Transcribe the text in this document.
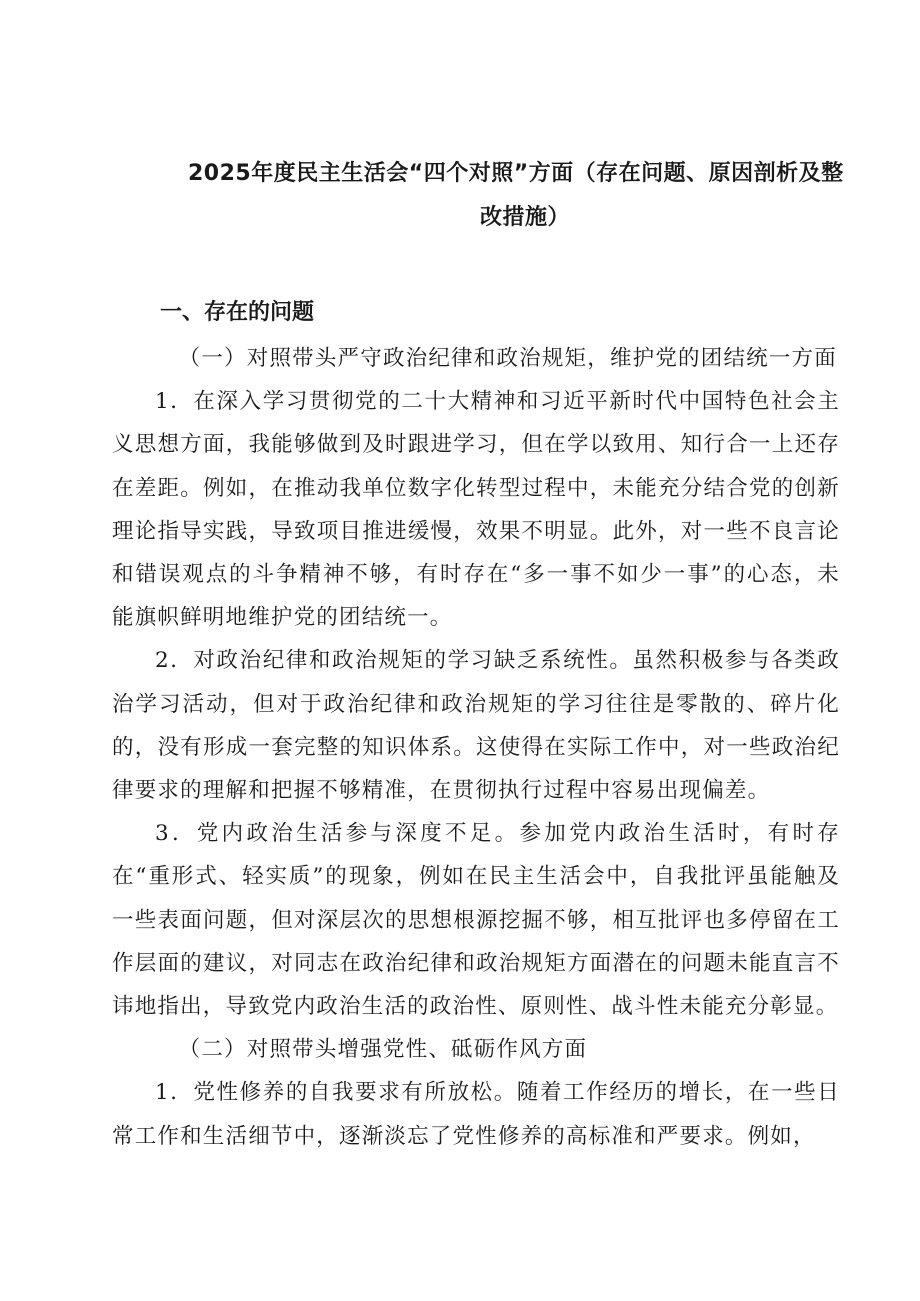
2025年度民主生活会“四个对照”方面（存在问题、原因剖析及整
改措施）
一、存在的问题

（一）对照带头严守政治纪律和政治规矩，维护党的团结统一方面

1．在深入学习贯彻党的二十大精神和习近平新时代中国特色社会主义思想方面，我能够做到及时跟进学习，但在学以致用、知行合一上还存在差距。例如，在推动我单位数字化转型过程中，未能充分结合党的创新理论指导实践，导致项目推进缓慢，效果不明显。此外，对一些不良言论和错误观点的斗争精神不够，有时存在“多一事不如少一事”的心态，未能旗帜鲜明地维护党的团结统一。

2．对政治纪律和政治规矩的学习缺乏系统性。虽然积极参与各类政治学习活动，但对于政治纪律和政治规矩的学习往往是零散的、碎片化的，没有形成一套完整的知识体系。这使得在实际工作中，对一些政治纪律要求的理解和把握不够精准，在贯彻执行过程中容易出现偏差。

3．党内政治生活参与深度不足。参加党内政治生活时，有时存在“重形式、轻实质”的现象，例如在民主生活会中，自我批评虽能触及一些表面问题，但对深层次的思想根源挖掘不够，相互批评也多停留在工作层面的建议，对同志在政治纪律和政治规矩方面潜在的问题未能直言不讳地指出，导致党内政治生活的政治性、原则性、战斗性未能充分彰显。

（二）对照带头增强党性、砥砺作风方面

1．党性修养的自我要求有所放松。随着工作经历的增长，在一些日常工作和生活细节中，逐渐淡忘了党性修养的高标准和严要求。例如，
